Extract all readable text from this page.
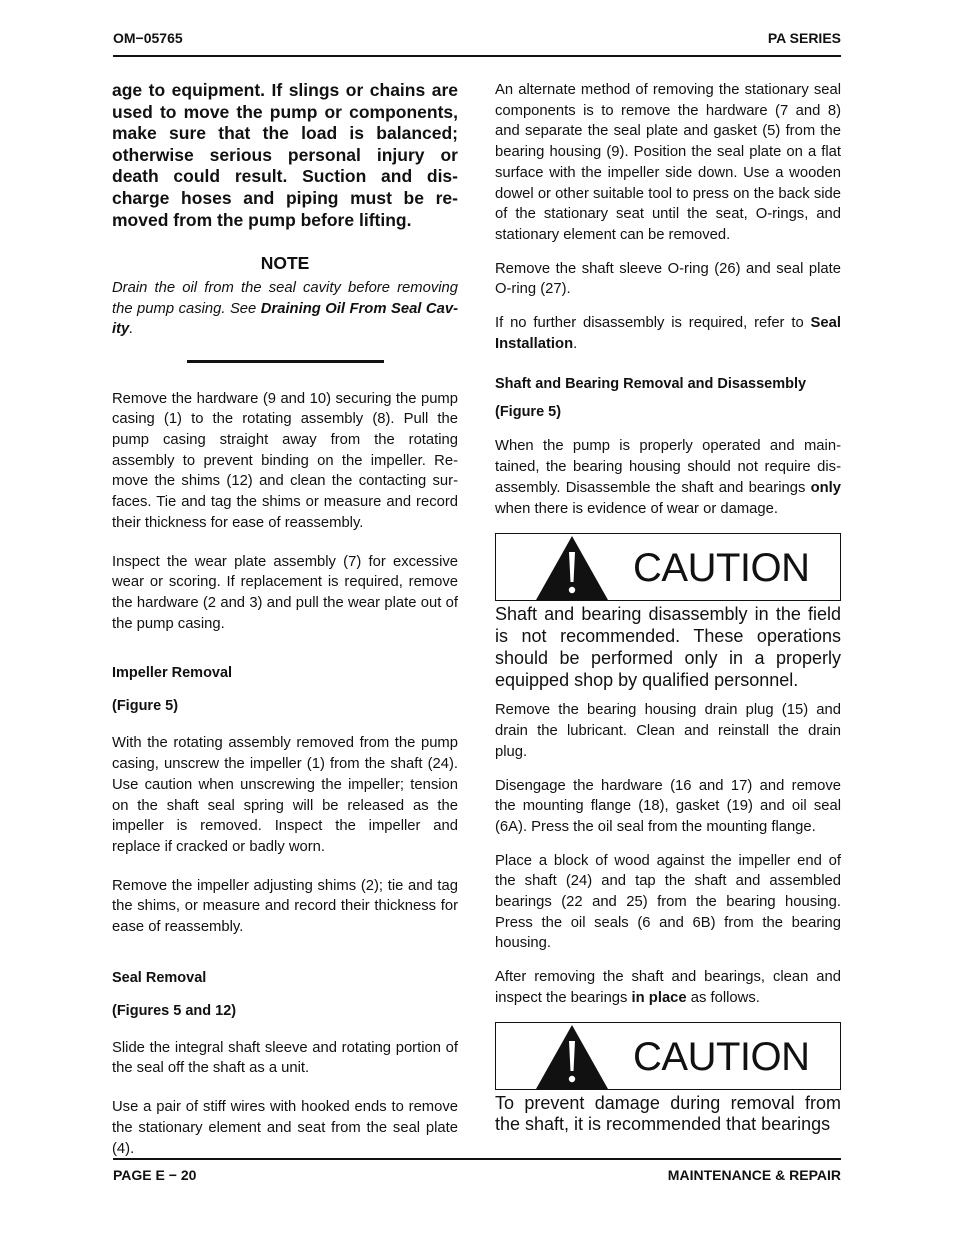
OM−05765	PA SERIES

age to equipment. If slings or chains are used to move the pump or components, make sure that the load is balanced; otherwise serious personal injury or death could result. Suction and discharge hoses and piping must be removed from the pump before lifting.

NOTE

Drain the oil from the seal cavity before removing the pump casing. See Draining Oil From Seal Cavity.

Remove the hardware (9 and 10) securing the pump casing (1) to the rotating assembly (8). Pull the pump casing straight away from the rotating assembly to prevent binding on the impeller. Remove the shims (12) and clean the contacting surfaces. Tie and tag the shims or measure and record their thickness for ease of reassembly.

Inspect the wear plate assembly (7) for excessive wear or scoring. If replacement is required, remove the hardware (2 and 3) and pull the wear plate out of the pump casing.

Impeller Removal

(Figure 5)

With the rotating assembly removed from the pump casing, unscrew the impeller (1) from the shaft (24). Use caution when unscrewing the impeller; tension on the shaft seal spring will be released as the impeller is removed. Inspect the impeller and replace if cracked or badly worn.

Remove the impeller adjusting shims (2); tie and tag the shims, or measure and record their thickness for ease of reassembly.

Seal Removal

(Figures 5 and 12)

Slide the integral shaft sleeve and rotating portion of the seal off the shaft as a unit.

Use a pair of stiff wires with hooked ends to remove the stationary element and seat from the seal plate (4).

An alternate method of removing the stationary seal components is to remove the hardware (7 and 8) and separate the seal plate and gasket (5) from the bearing housing (9). Position the seal plate on a flat surface with the impeller side down. Use a wooden dowel or other suitable tool to press on the back side of the stationary seat until the seat, O-rings, and stationary element can be removed.

Remove the shaft sleeve O-ring (26) and seal plate O-ring (27).

If no further disassembly is required, refer to Seal Installation.

Shaft and Bearing Removal and Disassembly

(Figure 5)

When the pump is properly operated and maintained, the bearing housing should not require disassembly. Disassemble the shaft and bearings only when there is evidence of wear or damage.

CAUTION

Shaft and bearing disassembly in the field is not recommended. These operations should be performed only in a properly equipped shop by qualified personnel.

Remove the bearing housing drain plug (15) and drain the lubricant. Clean and reinstall the drain plug.

Disengage the hardware (16 and 17) and remove the mounting flange (18), gasket (19) and oil seal (6A). Press the oil seal from the mounting flange.

Place a block of wood against the impeller end of the shaft (24) and tap the shaft and assembled bearings (22 and 25) from the bearing housing. Press the oil seals (6 and 6B) from the bearing housing.

After removing the shaft and bearings, clean and inspect the bearings in place as follows.

CAUTION

To prevent damage during removal from the shaft, it is recommended that bearings

PAGE E − 20	MAINTENANCE & REPAIR
